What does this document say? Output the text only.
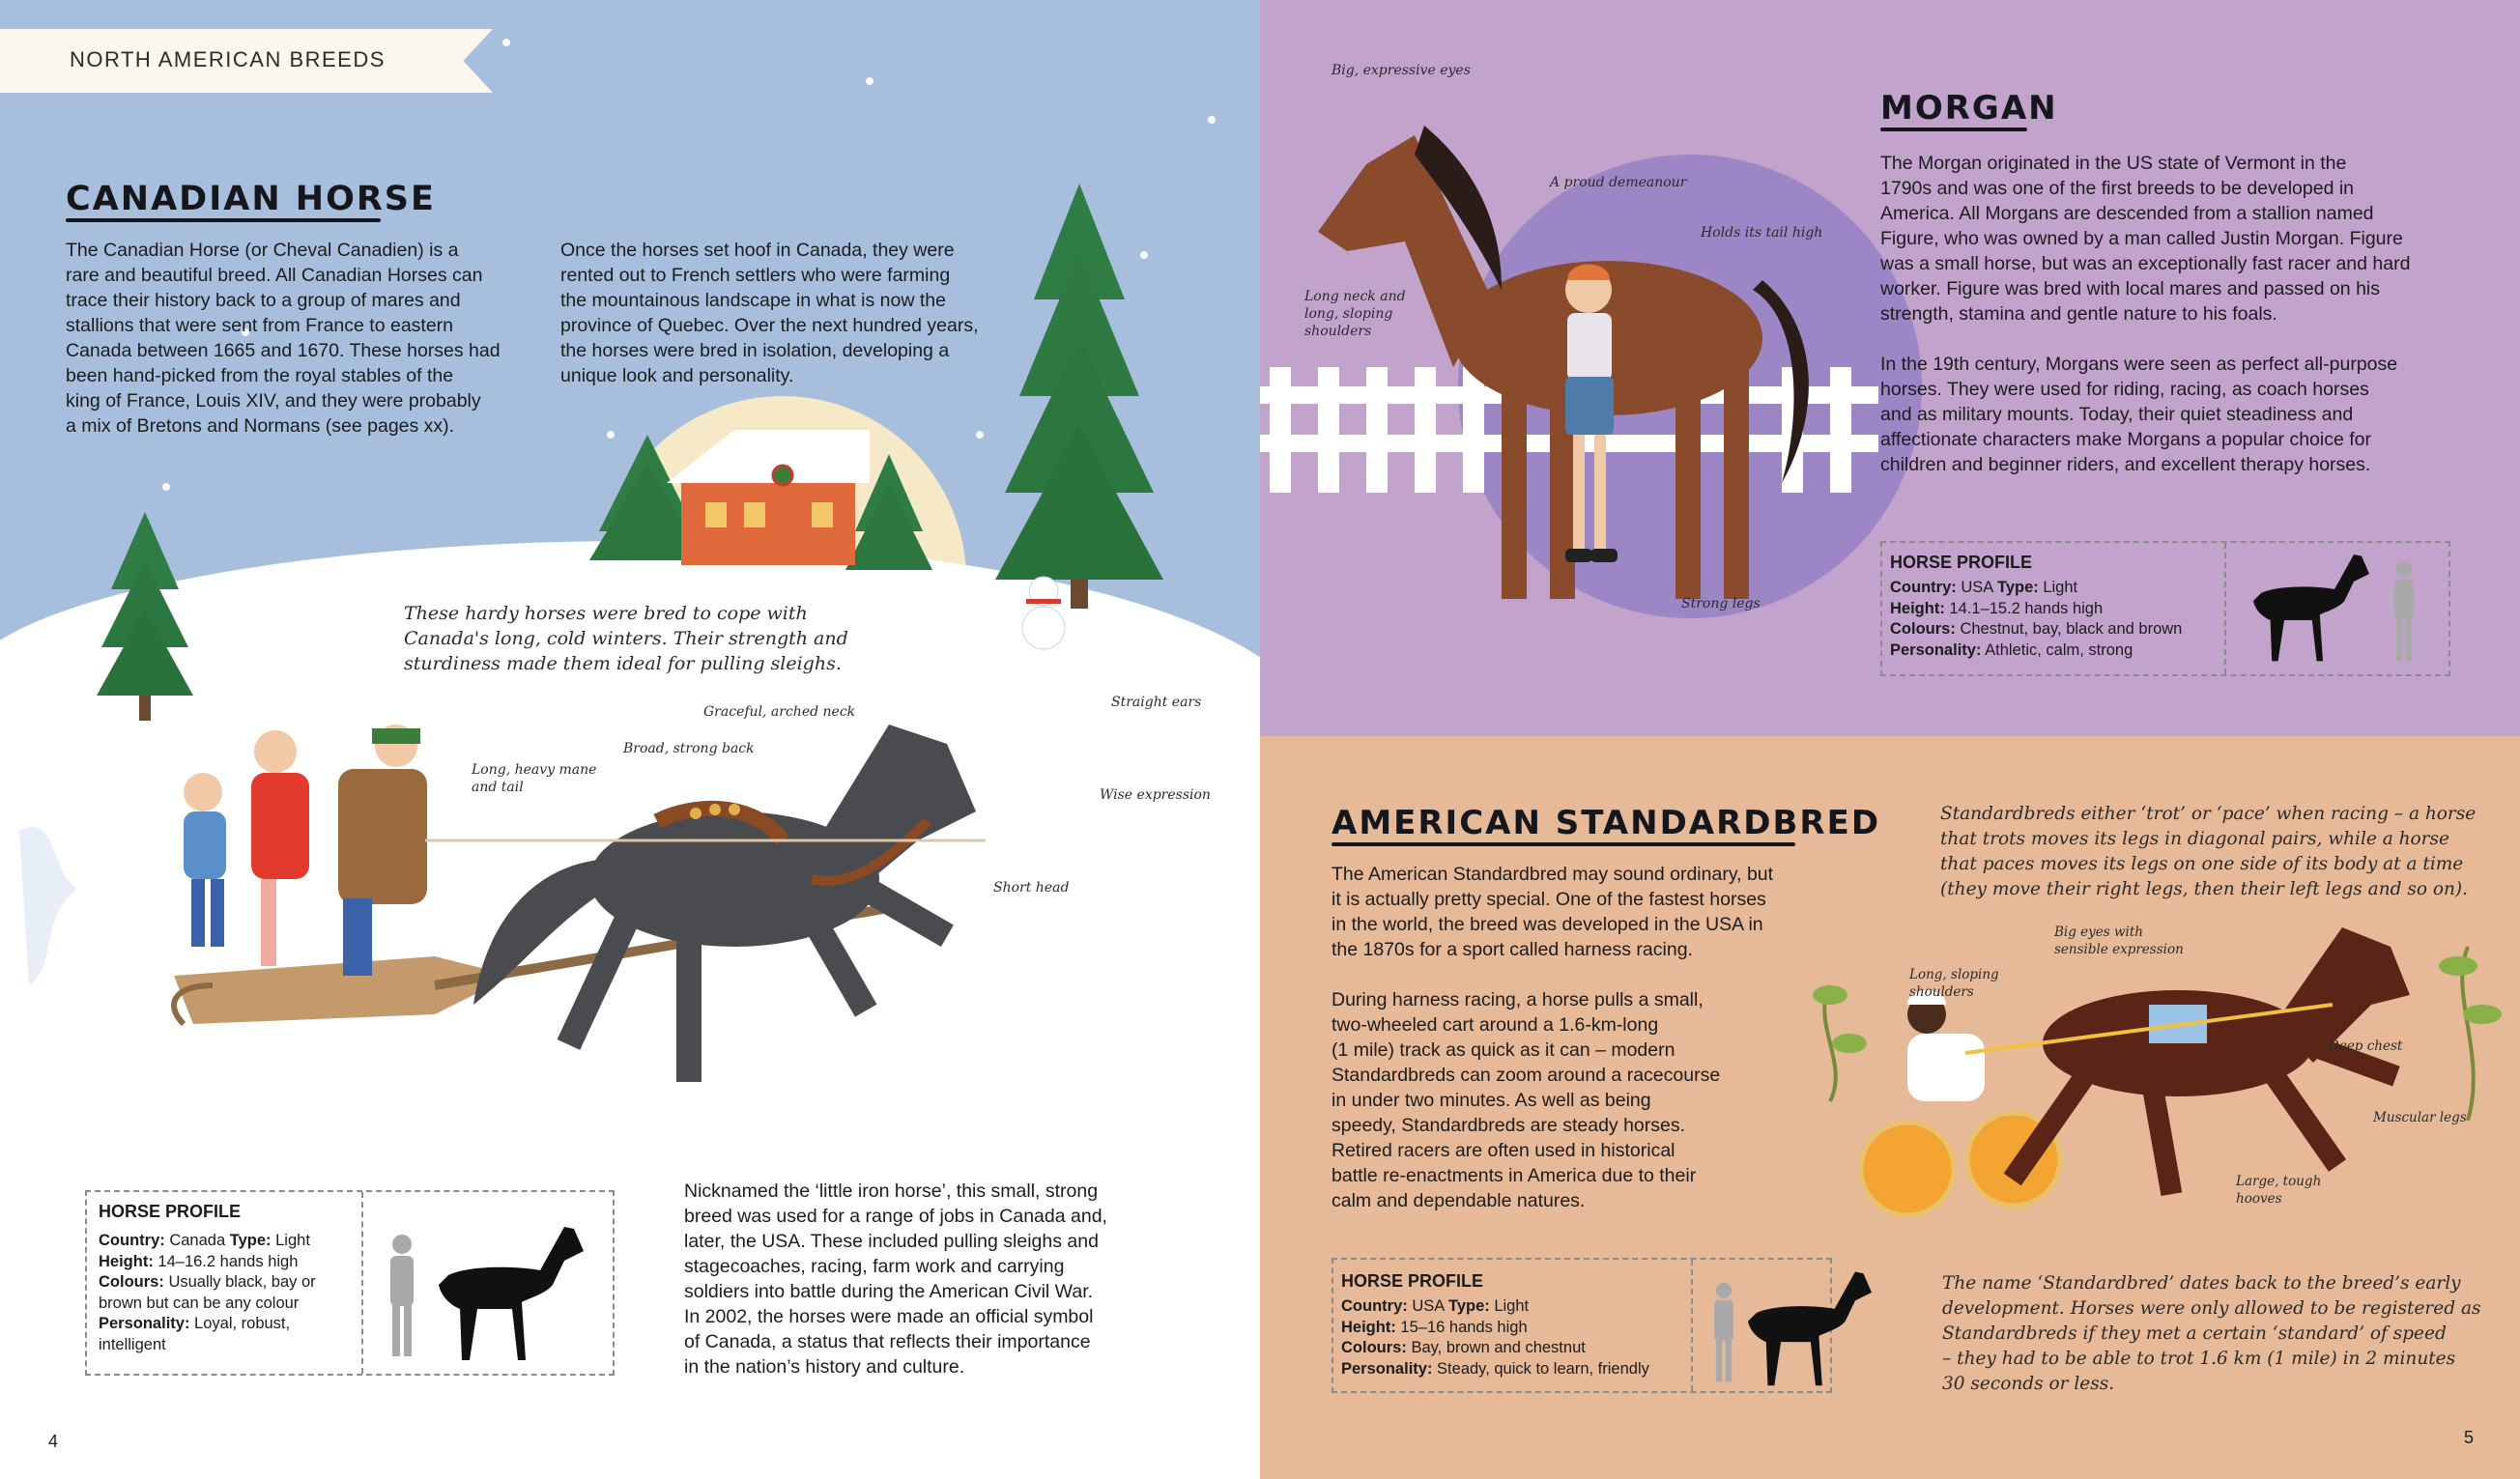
NORTH AMERICAN BREEDS
CANADIAN HORSE
The Canadian Horse (or Cheval Canadien) is a
rare and beautiful breed. All Canadian Horses can
trace their history back to a group of mares and
stallions that were sent from France to eastern
Canada between 1665 and 1670. These horses had
been hand-picked from the royal stables of the
king of France, Louis XIV, and they were probably
a mix of Bretons and Normans (see pages xx).
Once the horses set hoof in Canada, they were
rented out to French settlers who were farming
the mountainous landscape in what is now the
province of Quebec. Over the next hundred years,
the horses were bred in isolation, developing a
unique look and personality.
These hardy horses were bred to cope with
Canada's long, cold winters. Their strength and
sturdiness made them ideal for pulling sleighs.
Graceful, arched neck
Straight ears
Broad, strong back
Long, heavy mane
and tail	Wise expression
Short head
HORSE PROFILE
Country: Canada Type: Light
Height: 14–16.2 hands high
Colours: Usually black, bay or
brown but can be any colour
Personality: Loyal, robust,
intelligent
Nicknamed the ‘little iron horse’, this small, strong
breed was used for a range of jobs in Canada and,
later, the USA. These included pulling sleighs and
stagecoaches, racing, farm work and carrying
soldiers into battle during the American Civil War.
In 2002, the horses were made an official symbol
of Canada, a status that reflects their importance
in the nation’s history and culture.
4
Big, expressive eyes
A proud demeanour
Holds its tail high
Long neck and
long, sloping
shoulders
Strong legs
MORGAN
The Morgan originated in the US state of Vermont in the
1790s and was one of the first breeds to be developed in
America. All Morgans are descended from a stallion named
Figure, who was owned by a man called Justin Morgan. Figure
was a small horse, but was an exceptionally fast racer and hard
worker. Figure was bred with local mares and passed on his
strength, stamina and gentle nature to his foals.
In the 19th century, Morgans were seen as perfect all-purpose
horses. They were used for riding, racing, as coach horses
and as military mounts. Today, their quiet steadiness and
affectionate characters make Morgans a popular choice for
children and beginner riders, and excellent therapy horses.
HORSE PROFILE
Country: USA Type: Light
Height: 14.1–15.2 hands high
Colours: Chestnut, bay, black and brown
Personality: Athletic, calm, strong
AMERICAN STANDARDBRED
The American Standardbred may sound ordinary, but
it is actually pretty special. One of the fastest horses
in the world, the breed was developed in the USA in
the 1870s for a sport called harness racing.
During harness racing, a horse pulls a small,
two-wheeled cart around a 1.6-km-long
(1 mile) track as quick as it can – modern
Standardbreds can zoom around a racecourse
in under two minutes. As well as being
speedy, Standardbreds are steady horses.
Retired racers are often used in historical
battle re-enactments in America due to their
calm and dependable natures.
Standardbreds either ‘trot’ or ‘pace’ when racing – a horse
that trots moves its legs in diagonal pairs, while a horse
that paces moves its legs on one side of its body at a time
(they move their right legs, then their left legs and so on).
Big eyes with
sensible expression
Long, sloping
shoulders
Deep chest
Muscular legs
Large, tough
hooves
HORSE PROFILE
Country: USA Type: Light
Height: 15–16 hands high
Colours: Bay, brown and chestnut
Personality: Steady, quick to learn, friendly
The name ‘Standardbred’ dates back to the breed’s early
development. Horses were only allowed to be registered as
Standardbreds if they met a certain ‘standard’ of speed
– they had to be able to trot 1.6 km (1 mile) in 2 minutes
30 seconds or less.
5
